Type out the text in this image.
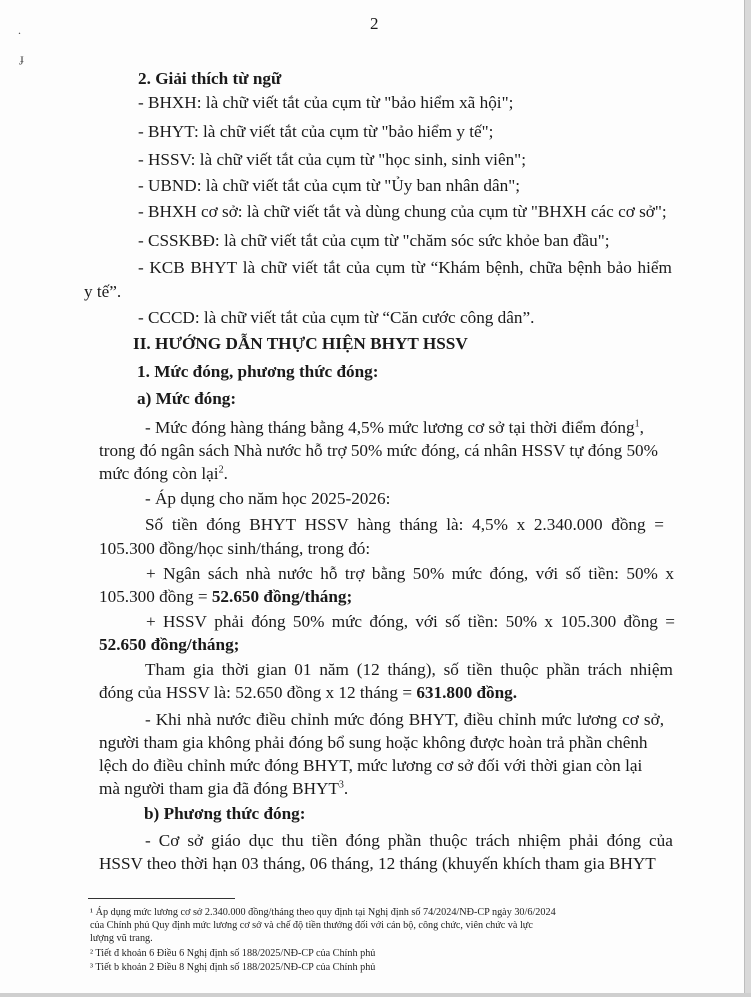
.
ɟ
2
2. Giải thích từ ngữ
- BHXH: là chữ viết tắt của cụm từ "bảo hiểm xã hội";
- BHYT: là chữ viết tắt của cụm từ "bảo hiểm y tế";
- HSSV: là chữ viết tắt của cụm từ "học sinh, sinh viên";
- UBND: là chữ viết tắt của cụm từ "Ủy ban nhân dân";
- BHXH cơ sở: là chữ viết tắt và dùng chung của cụm từ "BHXH các cơ sở";
- CSSKBĐ: là chữ viết tắt của cụm từ "chăm sóc sức khỏe ban đầu";
- KCB BHYT là chữ viết tắt của cụm từ “Khám bệnh, chữa bệnh bảo hiểm
y tế”.
- CCCD: là chữ viết tắt của cụm từ “Căn cước công dân”.
II. HƯỚNG DẪN THỰC HIỆN BHYT HSSV
1. Mức đóng, phương thức đóng:
a) Mức đóng:
- Mức đóng hàng tháng bằng 4,5% mức lương cơ sở tại thời điểm đóng$^1$,
trong đó ngân sách Nhà nước hỗ trợ 50% mức đóng, cá nhân HSSV tự đóng 50%
mức đóng còn lại$^2$.
- Áp dụng cho năm học 2025-2026:
Số tiền đóng BHYT HSSV hàng tháng là: 4,5% x 2.340.000 đồng =
105.300 đồng/học sinh/tháng, trong đó:
+ Ngân sách nhà nước hỗ trợ bằng 50% mức đóng, với số tiền: 50% x
105.300 đồng = 52.650 đồng/tháng;
+ HSSV phải đóng 50% mức đóng, với số tiền: 50% x 105.300 đồng =
52.650 đồng/tháng;
Tham gia thời gian 01 năm (12 tháng), số tiền thuộc phần trách nhiệm
đóng của HSSV là: 52.650 đồng x 12 tháng = 631.800 đồng.
- Khi nhà nước điều chỉnh mức đóng BHYT, điều chỉnh mức lương cơ sở,
người tham gia không phải đóng bổ sung hoặc không được hoàn trả phần chênh
lệch do điều chỉnh mức đóng BHYT, mức lương cơ sở đối với thời gian còn lại
mà người tham gia đã đóng BHYT$^3$.
b) Phương thức đóng:
- Cơ sở giáo dục thu tiền đóng phần thuộc trách nhiệm phải đóng của
HSSV theo thời hạn 03 tháng, 06 tháng, 12 tháng (khuyến khích tham gia BHYT
¹ Áp dụng mức lương cơ sở 2.340.000 đồng/tháng theo quy định tại Nghị định số 74/2024/NĐ-CP ngày 30/6/2024
của Chính phủ Quy định mức lương cơ sở và chế độ tiền thưởng đối với cán bộ, công chức, viên chức và lực
lượng vũ trang.
² Tiết đ khoản 6 Điều 6 Nghị định số 188/2025/NĐ-CP của Chính phủ
³ Tiết b khoản 2 Điều 8 Nghị định số 188/2025/NĐ-CP của Chính phủ
